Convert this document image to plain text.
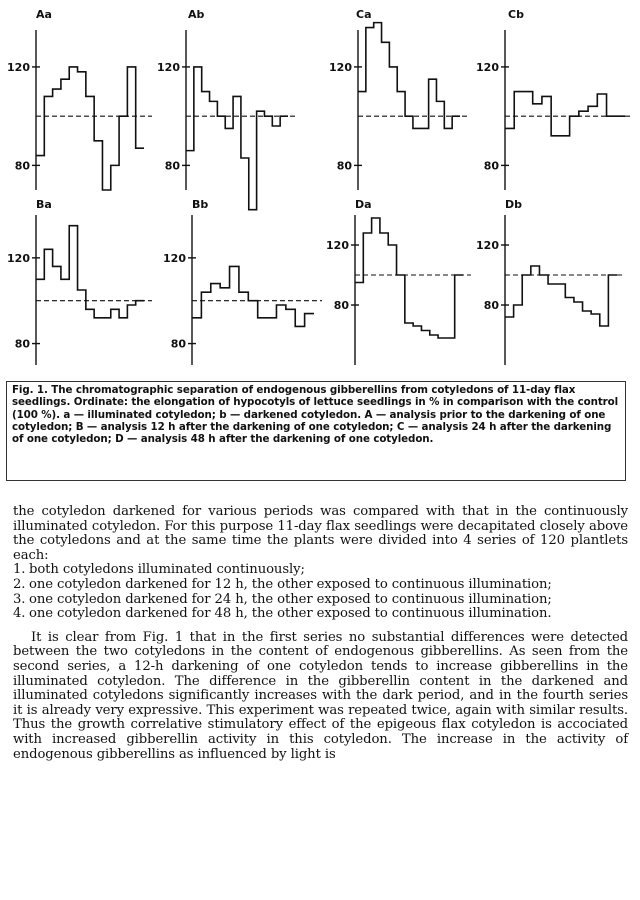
Aa
120
80
Ab
120
80
Ca
120
80
Cb
120
80
Ba
120
80
Bb
120
80
Da
120
80
Db
120
80

Fig. 1. The chromatographic separation of endogenous gibberellins from cotyledons of 11-day flax seedlings. Ordinate: the elongation of hypocotyls of lettuce seedlings in % in comparison with the control (100 %). a — illuminated cotyledon; b — darkened cotyledon. A — analysis prior to the darkening of one cotyledon; B — analysis 12 h after the darkening of one cotyledon; C — analysis 24 h after the darkening of one cotyledon; D — analysis 48 h after the darkening of one cotyledon.

the cotyledon darkened for various periods was compared with that in the continuously illuminated cotyledon. For this purpose 11-day flax seedlings were decapitated closely above the cotyledons and at the same time the plants were divided into 4 series of 120 plantlets each:

1. both cotyledons illuminated continuously;
2. one cotyledon darkened for 12 h, the other exposed to continuous illumination;
3. one cotyledon darkened for 24 h, the other exposed to continuous illumination;
4. one cotyledon darkened for 48 h, the other exposed to continuous illumination.

It is clear from Fig. 1 that in the first series no substantial differences were detected between the two cotyledons in the content of endogenous gibberellins. As seen from the second series, a 12-h darkening of one cotyledon tends to increase gibberellins in the illuminated cotyledon. The difference in the gibberellin content in the darkened and illuminated cotyledons significantly increases with the dark period, and in the fourth series it is already very expressive. This experiment was repeated twice, again with similar results. Thus the growth correlative stimulatory effect of the epigeous flax cotyledon is accociated with increased gibberellin activity in this cotyledon. The increase in the activity of endogenous gibberellins as influenced by light is
